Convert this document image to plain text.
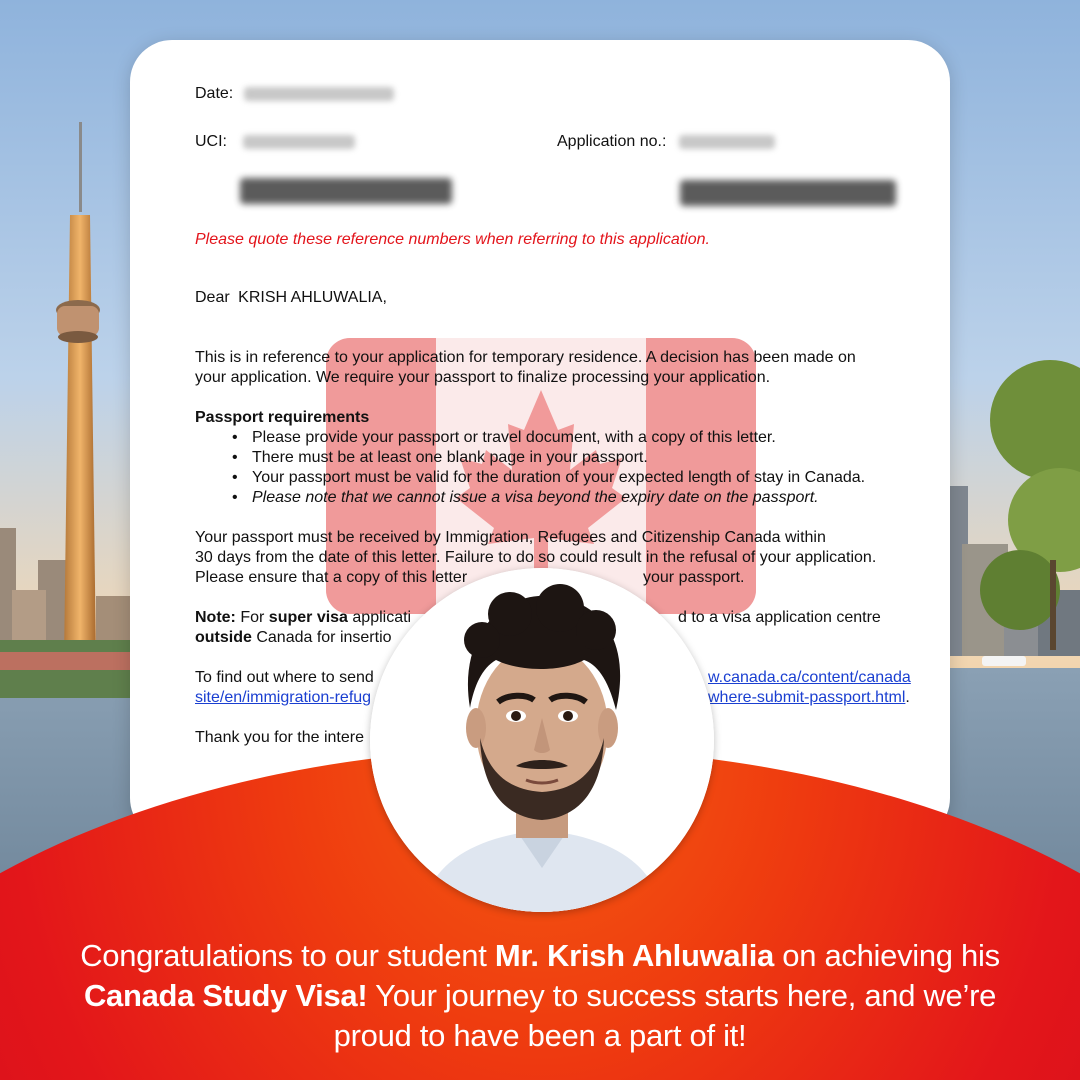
Date:
UCI:	Application no.:
Please quote these reference numbers when referring to this application.
Dear KRISH AHLUWALIA,
This is in reference to your application for temporary residence. A decision has been made on
your application. We require your passport to finalize processing your application.
Passport requirements
• Please provide your passport or travel document, with a copy of this letter.
• There must be at least one blank page in your passport.
• Your passport must be valid for the duration of your expected length of stay in Canada.
• Please note that we cannot issue a visa beyond the expiry date on the passport.
Your passport must be received by Immigration, Refugees and Citizenship Canada within
30 days from the date of this letter. Failure to do so could result in the refusal of your application.
Please ensure that a copy of this letter	your passport.
Note: For super visa applicati	d to a visa application centre
outside Canada for insertio
To find out where to send	w.canada.ca/content/canada
site/en/immigration-refug	where-submit-passport.html.
Thank you for the intere
Congratulations to our student Mr. Krish Ahluwalia on achieving his
Canada Study Visa! Your journey to success starts here, and we’re
proud to have been a part of it!
